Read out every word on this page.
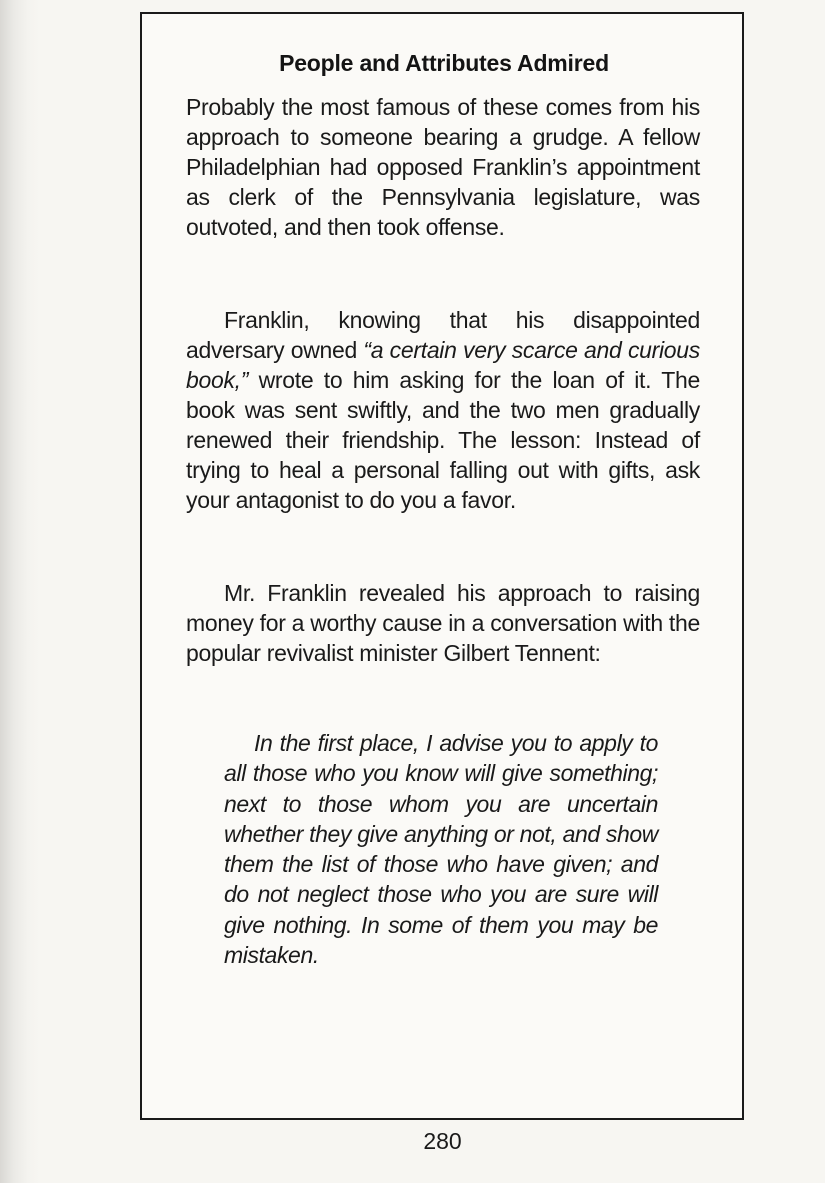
People and Attributes Admired

Probably the most famous of these comes from his approach to someone bearing a grudge. A fellow Philadelphian had opposed Franklin’s appointment as clerk of the Pennsylvania legislature, was outvoted, and then took offense.

Franklin, knowing that his disappointed adversary owned “a certain very scarce and curious book,” wrote to him asking for the loan of it. The book was sent swiftly, and the two men gradually renewed their friendship. The lesson: Instead of trying to heal a personal falling out with gifts, ask your antagonist to do you a favor.

Mr. Franklin revealed his approach to raising money for a worthy cause in a conversation with the popular revivalist minister Gilbert Tennent:

In the first place, I advise you to apply to all those who you know will give something; next to those whom you are uncertain whether they give anything or not, and show them the list of those who have given; and do not neglect those who you are sure will give nothing. In some of them you may be mistaken.

280
